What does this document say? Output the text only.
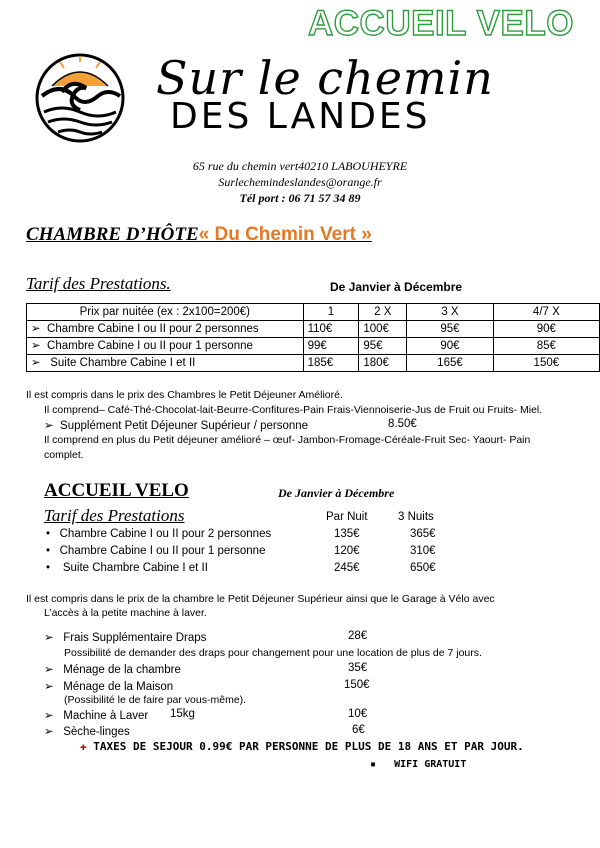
ACCUEIL VELO
Sur le chemin
DES LANDES
65 rue du chemin vert40210 LABOUHEYRE
Surlechemindeslandes@orange.fr
Tél port : 06 71 57 34 89
CHAMBRE D’HÔTE« Du Chemin Vert »
Tarif des Prestations.	De Janvier à Décembre
Prix par nuitée (ex : 2x100=200€)	1	2 X	3 X	4/7 X
➢ Chambre Cabine I ou II pour 2 personnes	110€	100€	95€	90€
➢ Chambre Cabine I ou II pour 1 personne	99€	95€	90€	85€
➢ Suite Chambre Cabine I et II	185€	180€	165€	150€
Il est compris dans le prix des Chambres le Petit Déjeuner Amélioré.
Il comprend– Café-Thé-Chocolat-lait-Beurre-Confitures-Pain Frais-Viennoiserie-Jus de Fruit ou Fruits- Miel.
➢ Supplément Petit Déjeuner Supérieur / personne	8.50€
Il comprend en plus du Petit déjeuner amélioré – œuf- Jambon-Fromage-Céréale-Fruit Sec- Yaourt- Pain
complet.
ACCUEIL VELO	De Janvier à Décembre
Tarif des Prestations	Par Nuit	3 Nuits
• Chambre Cabine I ou II pour 2 personnes	135€	365€
• Chambre Cabine I ou II pour 1 personne	120€	310€
•    Suite Chambre Cabine I et II	245€	650€
Il est compris dans le prix de la chambre le Petit Déjeuner Supérieur ainsi que le Garage à Vélo avec
L’accès à la petite machine à laver.
➢ Frais Supplémentaire Draps	28€
Possibilité de demander des draps pour changement pour une location de plus de 7 jours.
➢ Ménage de la chambre	35€
➢ Ménage de la Maison	150€
(Possibilité le de faire par vous-même).
➢ Machine à Laver 15kg	10€
➢ Sèche-linges	6€
✚ TAXES DE SEJOUR 0.99€ PAR PERSONNE DE PLUS DE 18 ANS ET PAR JOUR.
▪ WIFI GRATUIT
